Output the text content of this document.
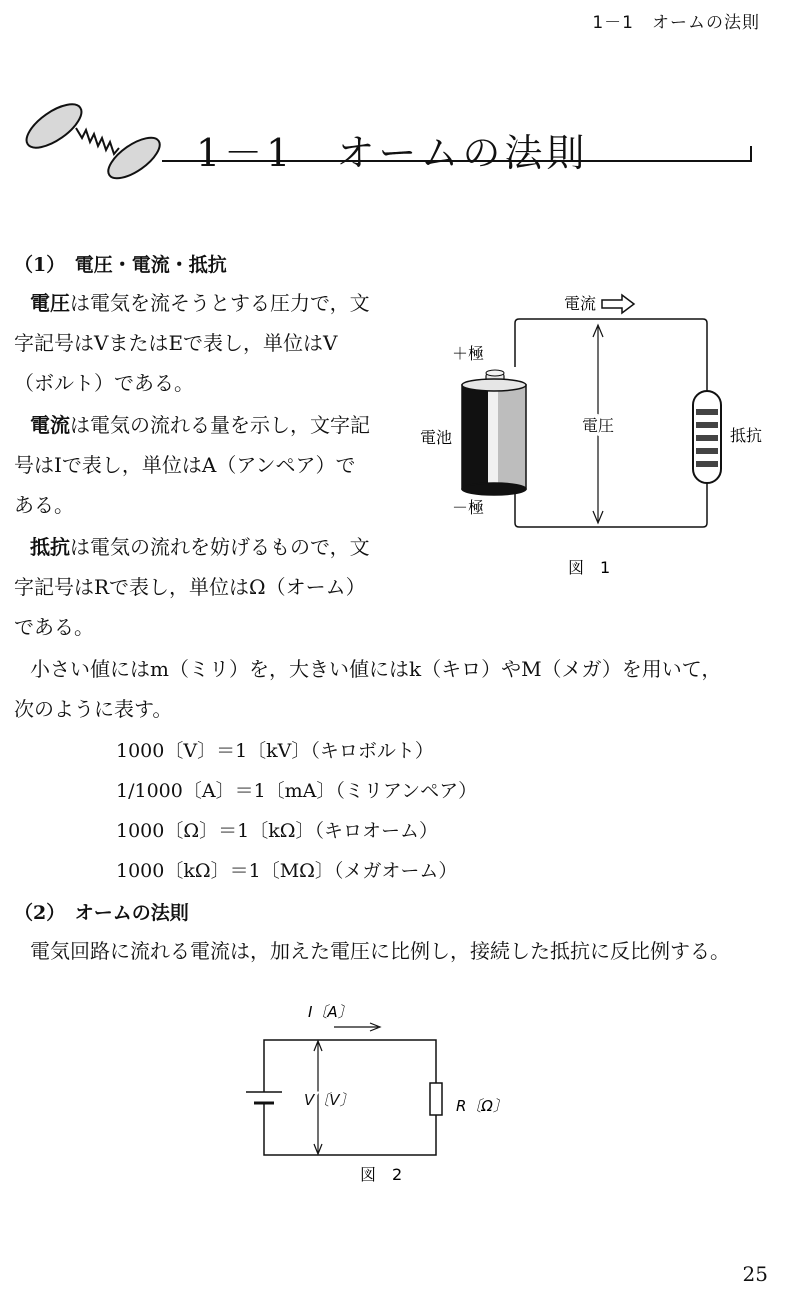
1－1　オームの法則
1－1　オームの法則
（1）　電圧・電流・抵抗
電圧は電気を流そうとする圧力で，文
字記号はVまたはEで表し，単位はV
（ボルト）である。
電流は電気の流れる量を示し，文字記
号はIで表し，単位はA（アンペア）で
ある。
抵抗は電気の流れを妨げるもので，文
字記号はRで表し，単位はΩ（オーム）
である。
電流
＋極
－極
電池
電圧
抵抗
図　1
小さい値にはm（ミリ）を，大きい値にはk（キロ）やM（メガ）を用いて，
次のように表す。
1000〔V〕＝1〔kV〕（キロボルト）
1/1000〔A〕＝1〔mA〕（ミリアンペア）
1000〔Ω〕＝1〔kΩ〕（キロオーム）
1000〔kΩ〕＝1〔MΩ〕（メガオーム）
（2）　オームの法則
電気回路に流れる電流は，加えた電圧に比例し，接続した抵抗に反比例する。
I〔A〕
V〔V〕	R〔Ω〕
図　2
25
